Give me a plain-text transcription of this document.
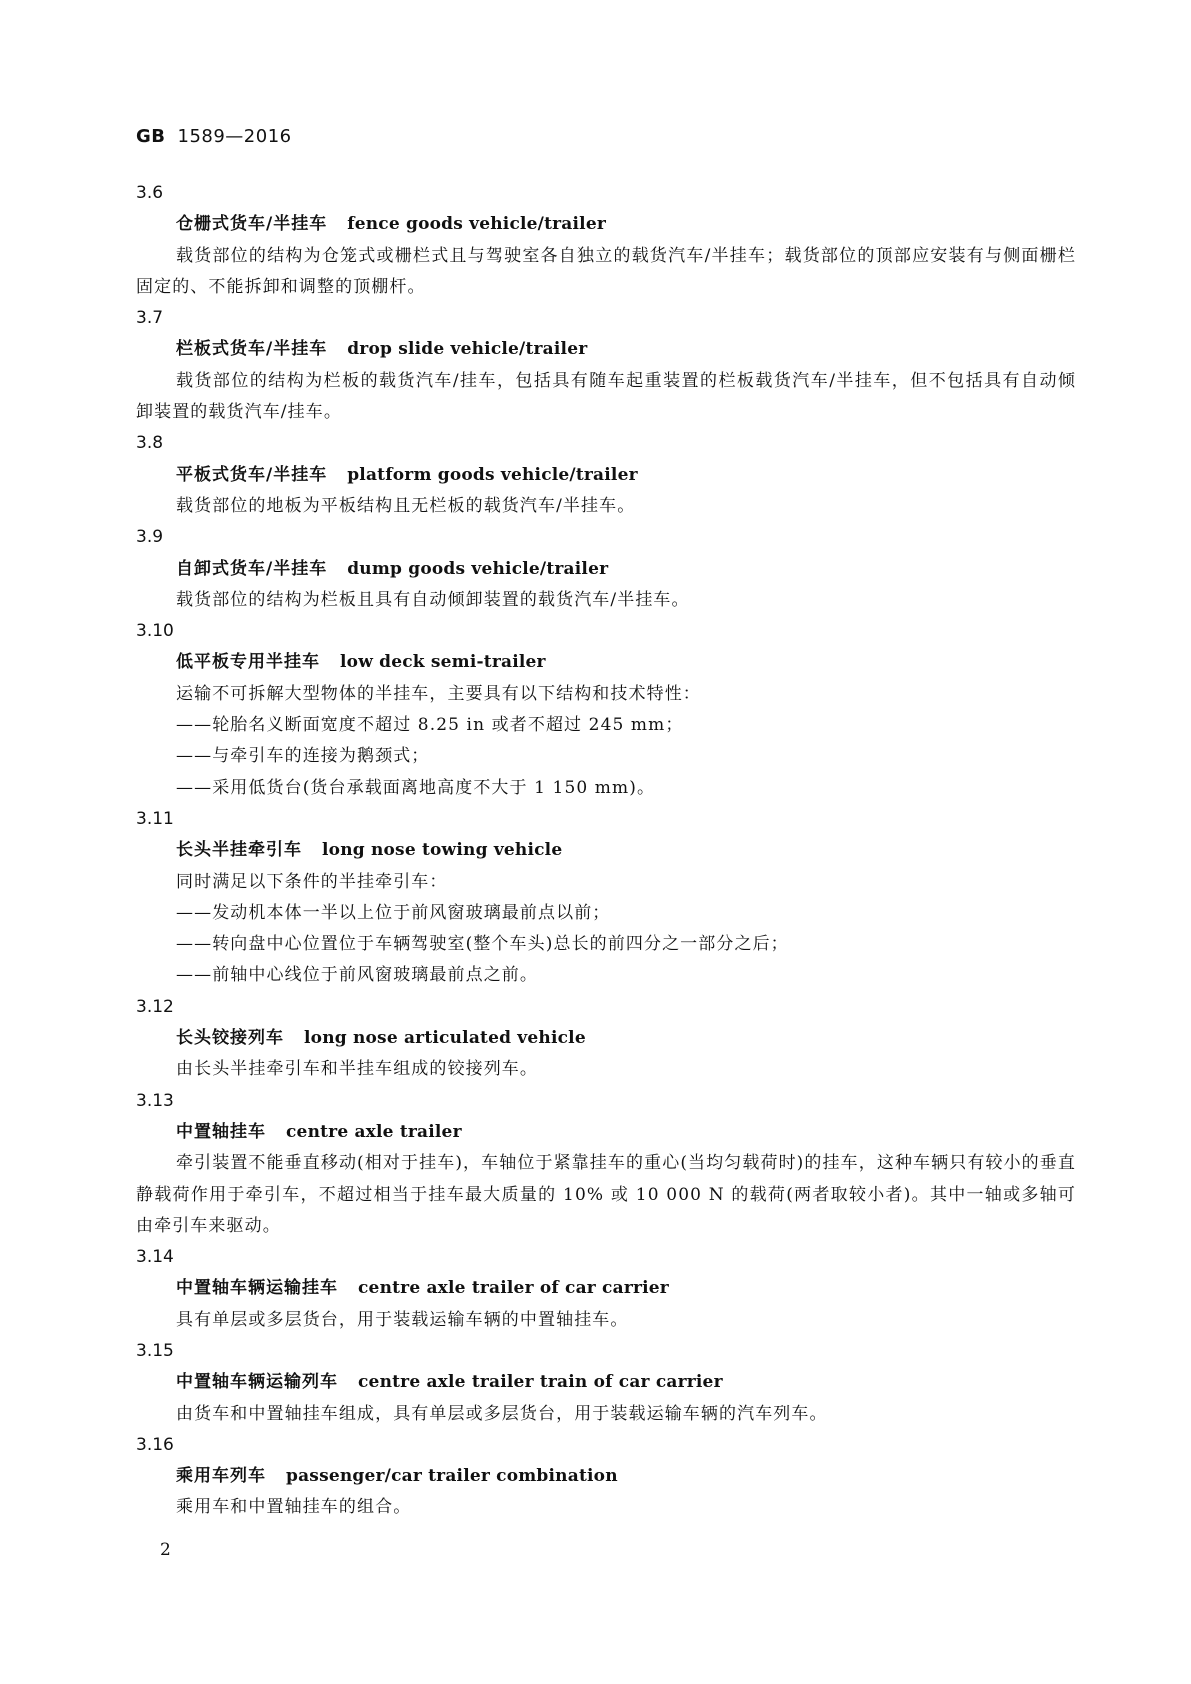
GB 1589—2016
3.6
仓栅式货车/半挂车 fence goods vehicle/trailer
载货部位的结构为仓笼式或栅栏式且与驾驶室各自独立的载货汽车/半挂车；载货部位的顶部应安装有与侧面栅栏固定的、不能拆卸和调整的顶棚杆。
3.7
栏板式货车/半挂车 drop slide vehicle/trailer
载货部位的结构为栏板的载货汽车/挂车，包括具有随车起重装置的栏板载货汽车/半挂车，但不包括具有自动倾卸装置的载货汽车/挂车。
3.8
平板式货车/半挂车 platform goods vehicle/trailer
载货部位的地板为平板结构且无栏板的载货汽车/半挂车。
3.9
自卸式货车/半挂车 dump goods vehicle/trailer
载货部位的结构为栏板且具有自动倾卸装置的载货汽车/半挂车。
3.10
低平板专用半挂车 low deck semi-trailer
运输不可拆解大型物体的半挂车，主要具有以下结构和技术特性：
——轮胎名义断面宽度不超过 8.25 in 或者不超过 245 mm；
——与牵引车的连接为鹅颈式；
——采用低货台(货台承载面离地高度不大于 1 150 mm)。
3.11
长头半挂牵引车 long nose towing vehicle
同时满足以下条件的半挂牵引车：
——发动机本体一半以上位于前风窗玻璃最前点以前；
——转向盘中心位置位于车辆驾驶室(整个车头)总长的前四分之一部分之后；
——前轴中心线位于前风窗玻璃最前点之前。
3.12
长头铰接列车 long nose articulated vehicle
由长头半挂牵引车和半挂车组成的铰接列车。
3.13
中置轴挂车 centre axle trailer
牵引装置不能垂直移动(相对于挂车)，车轴位于紧靠挂车的重心(当均匀载荷时)的挂车，这种车辆只有较小的垂直静载荷作用于牵引车，不超过相当于挂车最大质量的 10% 或 10 000 N 的载荷(两者取较小者)。其中一轴或多轴可由牵引车来驱动。
3.14
中置轴车辆运输挂车 centre axle trailer of car carrier
具有单层或多层货台，用于装载运输车辆的中置轴挂车。
3.15
中置轴车辆运输列车 centre axle trailer train of car carrier
由货车和中置轴挂车组成，具有单层或多层货台，用于装载运输车辆的汽车列车。
3.16
乘用车列车 passenger/car trailer combination
乘用车和中置轴挂车的组合。
2
